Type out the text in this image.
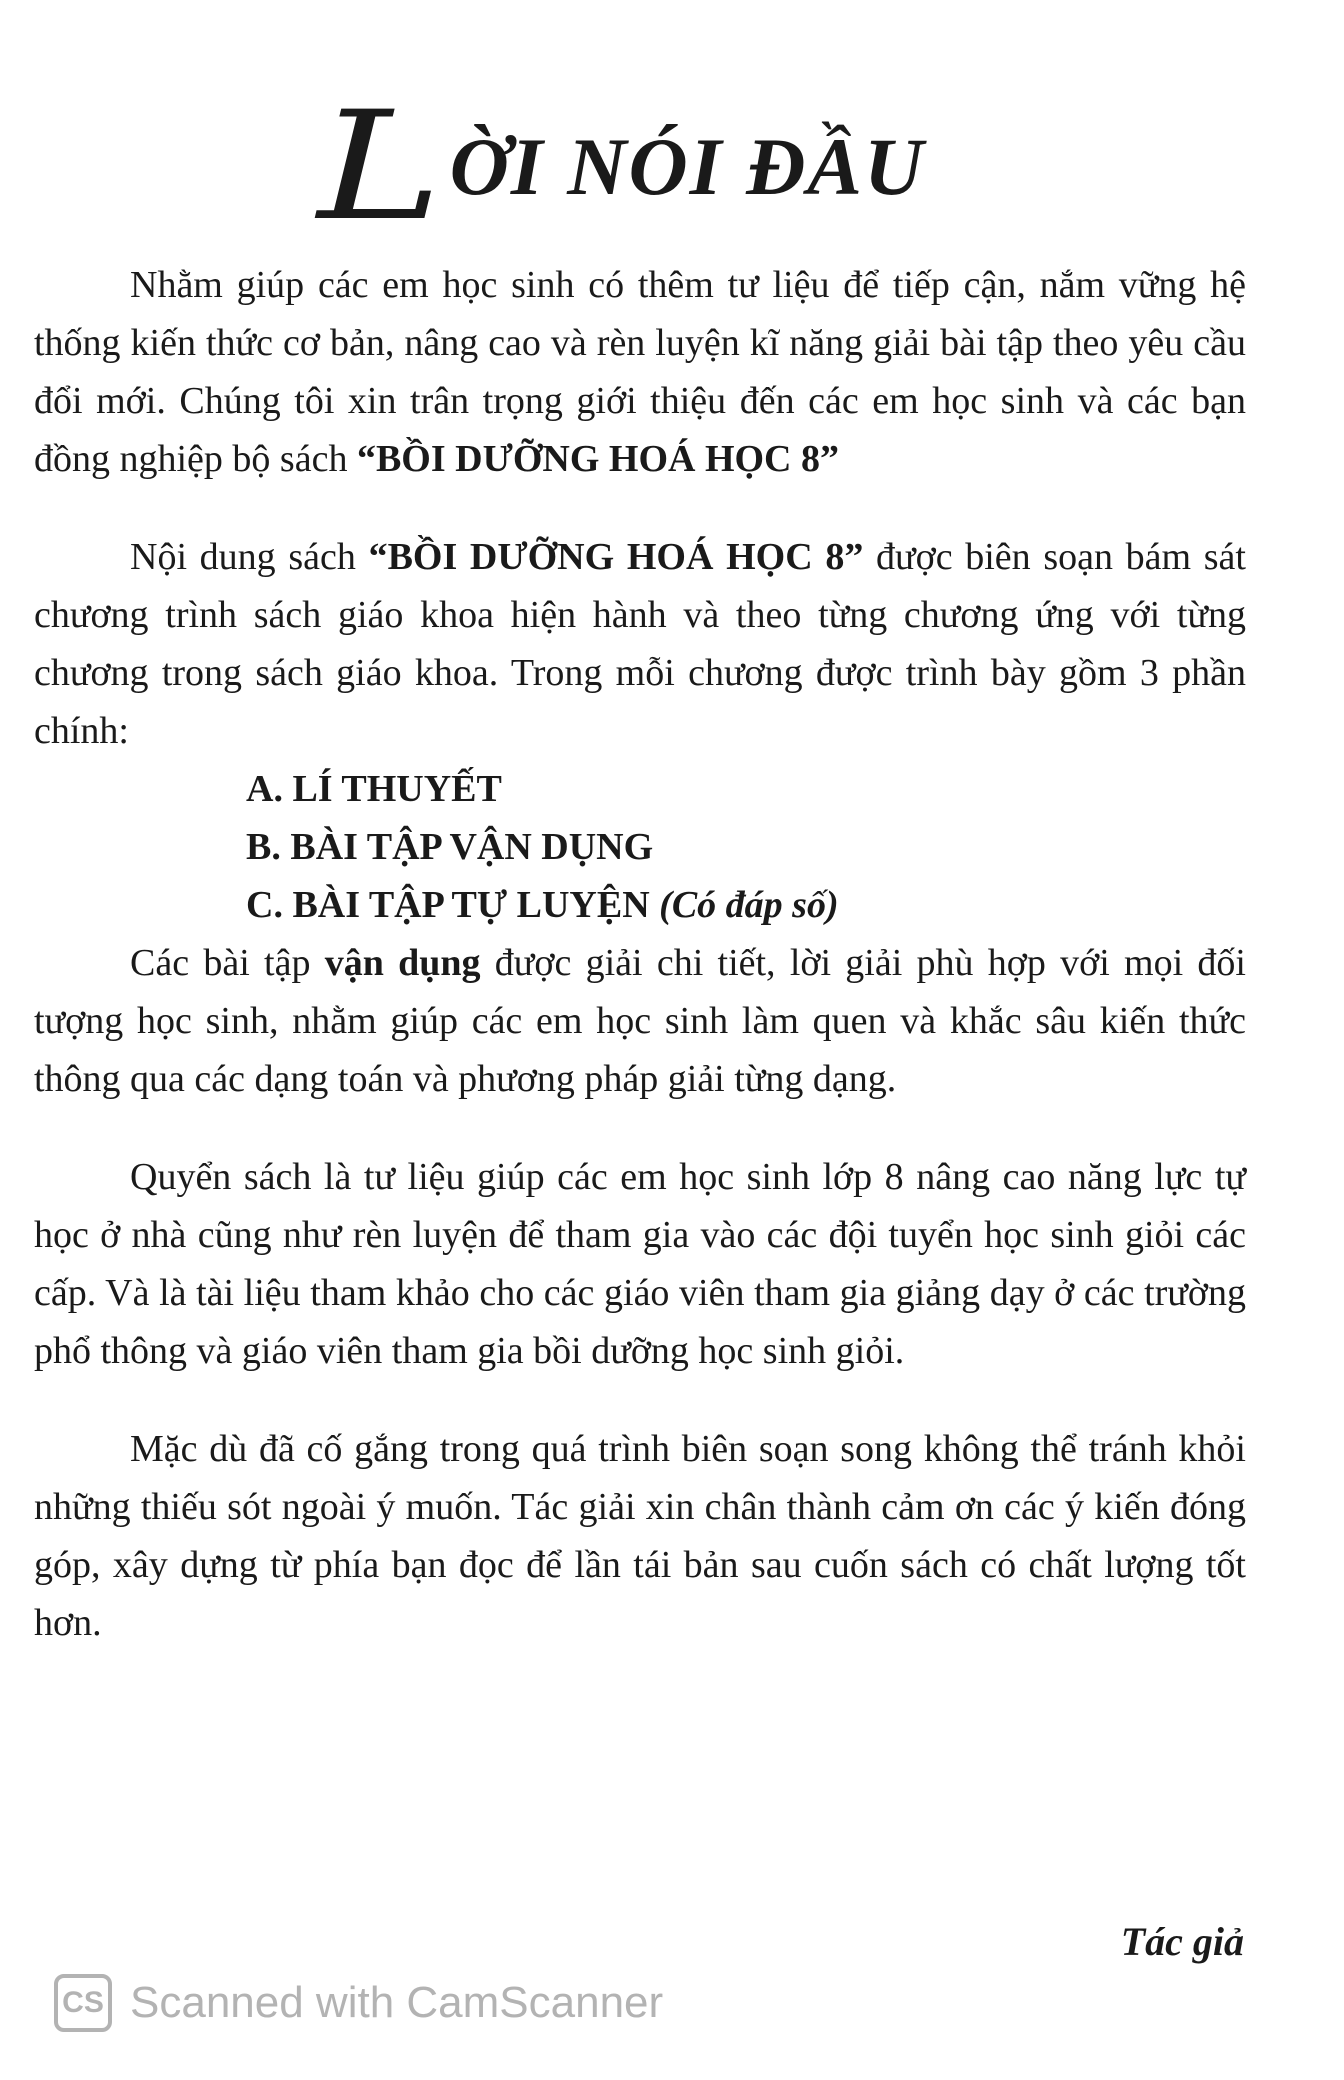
LỜI NÓI ĐẦU

Nhằm giúp các em học sinh có thêm tư liệu để tiếp cận, nắm vững hệ thống kiến thức cơ bản, nâng cao và rèn luyện kĩ năng giải bài tập theo yêu cầu đổi mới. Chúng tôi xin trân trọng giới thiệu đến các em học sinh và các bạn đồng nghiệp bộ sách “BỒI DƯỠNG HOÁ HỌC 8”

Nội dung sách “BỒI DƯỠNG HOÁ HỌC 8” được biên soạn bám sát chương trình sách giáo khoa hiện hành và theo từng chương ứng với từng chương trong sách giáo khoa. Trong mỗi chương được trình bày gồm 3 phần chính:

A. LÍ THUYẾT
B. BÀI TẬP VẬN DỤNG
C. BÀI TẬP TỰ LUYỆN (Có đáp số)

Các bài tập vận dụng được giải chi tiết, lời giải phù hợp với mọi đối tượng học sinh, nhằm giúp các em học sinh làm quen và khắc sâu kiến thức thông qua các dạng toán và phương pháp giải từng dạng.

Quyển sách là tư liệu giúp các em học sinh lớp 8 nâng cao năng lực tự học ở nhà cũng như rèn luyện để tham gia vào các đội tuyển học sinh giỏi các cấp. Và là tài liệu tham khảo cho các giáo viên tham gia giảng dạy ở các trường phổ thông và giáo viên tham gia bồi dưỡng học sinh giỏi.

Mặc dù đã cố gắng trong quá trình biên soạn song không thể tránh khỏi những thiếu sót ngoài ý muốn. Tác giải xin chân thành cảm ơn các ý kiến đóng góp, xây dựng từ phía bạn đọc để lần tái bản sau cuốn sách có chất lượng tốt hơn.

Tác giả
CS Scanned with CamScanner
